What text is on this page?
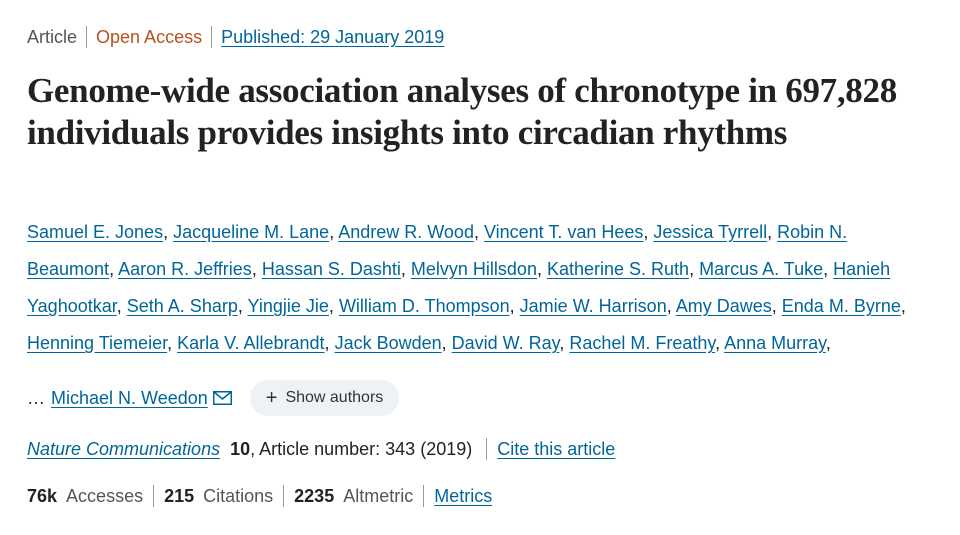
Article Open Access Published: 29 January 2019
Genome-wide association analyses of chronotype in 697,828 individuals provides insights into circadian rhythms
Samuel E. Jones, Jacqueline M. Lane, Andrew R. Wood, Vincent T. van Hees, Jessica Tyrrell, Robin N. Beaumont, Aaron R. Jeffries, Hassan S. Dashti, Melvyn Hillsdon, Katherine S. Ruth, Marcus A. Tuke, Hanieh Yaghootkar, Seth A. Sharp, Yingjie Jie, William D. Thompson, Jamie W. Harrison, Amy Dawes, Enda M. Byrne, Henning Tiemeier, Karla V. Allebrandt, Jack Bowden, David W. Ray, Rachel M. Freathy, Anna Murray,
… Michael N. Weedon	+ Show authors
Nature Communications 10 , Article number: 343 (2019) Cite this article
76k Accesses 215 Citations 2235 Altmetric Metrics
